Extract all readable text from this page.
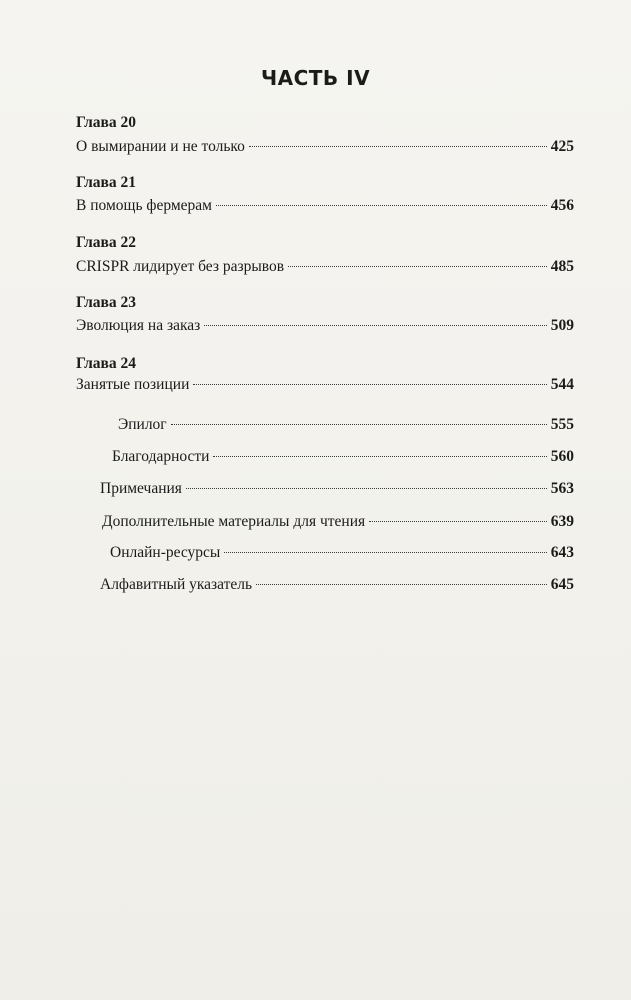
ЧАСТЬ IV
Глава 20
О вымирании и не только	425
Глава 21
В помощь фермерам	456
Глава 22
CRISPR лидирует без разрывов	485
Глава 23
Эволюция на заказ	509
Глава 24
Занятые позиции	544
Эпилог	555
Благодарности	560
Примечания	563
Дополнительные материалы для чтения	639
Онлайн-ресурсы	643
Алфавитный указатель	645
